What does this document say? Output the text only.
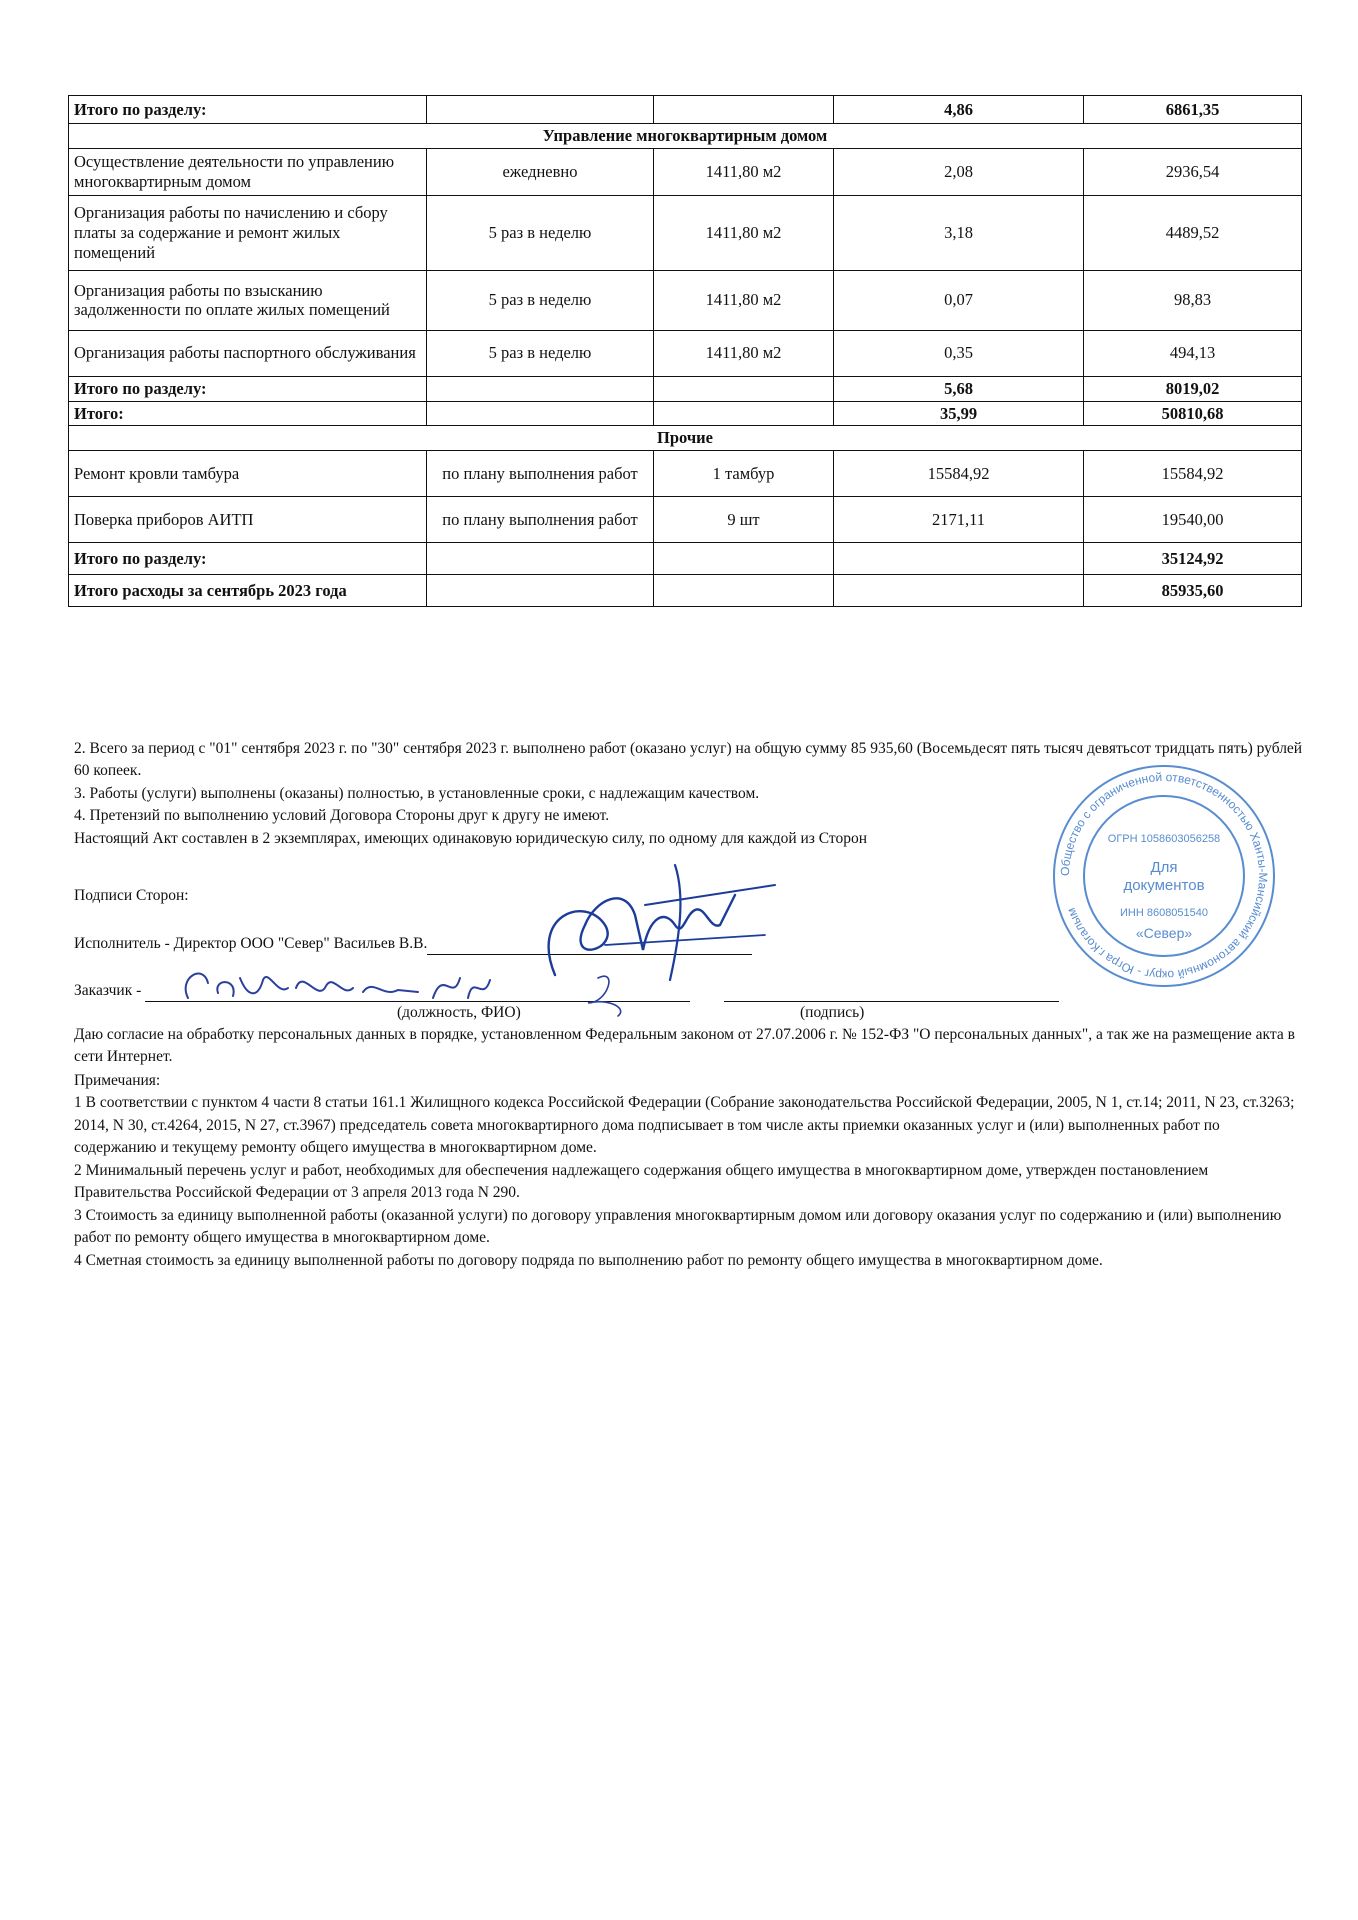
Итого по разделу:			4,86	6861,35
Управление многоквартирным домом				
Осуществление деятельности по управлению многоквартирным домом	ежедневно	1411,80 м2	2,08	2936,54
Организация работы по начислению и сбору платы за содержание и ремонт жилых помещений	5 раз в неделю	1411,80 м2	3,18	4489,52
Организация работы по взысканию задолженности по оплате жилых помещений	5 раз в неделю	1411,80 м2	0,07	98,83
Организация работы паспортного обслуживания	5 раз в неделю	1411,80 м2	0,35	494,13
Итого по разделу:			5,68	8019,02
Итого:			35,99	50810,68
Прочие				
Ремонт кровли тамбура	по плану выполнения работ	1 тамбур	15584,92	15584,92
Поверка приборов АИТП	по плану выполнения работ	9 шт	2171,11	19540,00
Итого по разделу:				35124,92
Итого расходы за сентябрь 2023 года				85935,60

2. Всего за период с "01" сентября 2023 г. по "30" сентября 2023 г. выполнено работ (оказано услуг) на общую сумму 85 935,60 (Восемьдесят пять тысяч девятьсот тридцать пять) рублей 60 копеек.

3. Работы (услуги) выполнены (оказаны) полностью, в установленные сроки, с надлежащим качеством.

4. Претензий по выполнению условий Договора Стороны друг к другу не имеют.

Настоящий Акт составлен в 2 экземплярах, имеющих одинаковую юридическую силу, по одному для каждой из Сторон

Подписи Сторон:
Исполнитель - Директор ООО "Север" Васильев В.В.
Заказчик -
(должность, ФИО)	(подпись)
Даю согласие на обработку персональных данных в порядке, установленном Федеральным законом от 27.07.2006 г. № 152-ФЗ "О персональных данных", а так же на размещение акта в сети Интернет.

Примечания:

1 В соответствии с пунктом 4 части 8 статьи 161.1 Жилищного кодекса Российской Федерации (Собрание законодательства Российской Федерации, 2005, N 1, ст.14; 2011, N 23, ст.3263; 2014, N 30, ст.4264, 2015, N 27, ст.3967) председатель совета многоквартирного дома подписывает в том числе акты приемки оказанных услуг и (или) выполненных работ по содержанию и текущему ремонту общего имущества в многоквартирном доме.

2 Минимальный перечень услуг и работ, необходимых для обеспечения надлежащего содержания общего имущества в многоквартирном доме, утвержден постановлением Правительства Российской Федерации от 3 апреля 2013 года N 290.

3 Стоимость за единицу выполненной работы (оказанной услуги) по договору управления многоквартирным домом или договору оказания услуг по содержанию и (или) выполнению работ по ремонту общего имущества в многоквартирном доме.

4 Сметная стоимость за единицу выполненной работы по договору подряда по выполнению работ по ремонту общего имущества в многоквартирном доме.

Общество с ограниченной ответственностью Ханты-Мансийский автономный округ - Югра г.Когалым
ОГРН 1058603056258
Для
документов
ИНН 8608051540
«Север»
